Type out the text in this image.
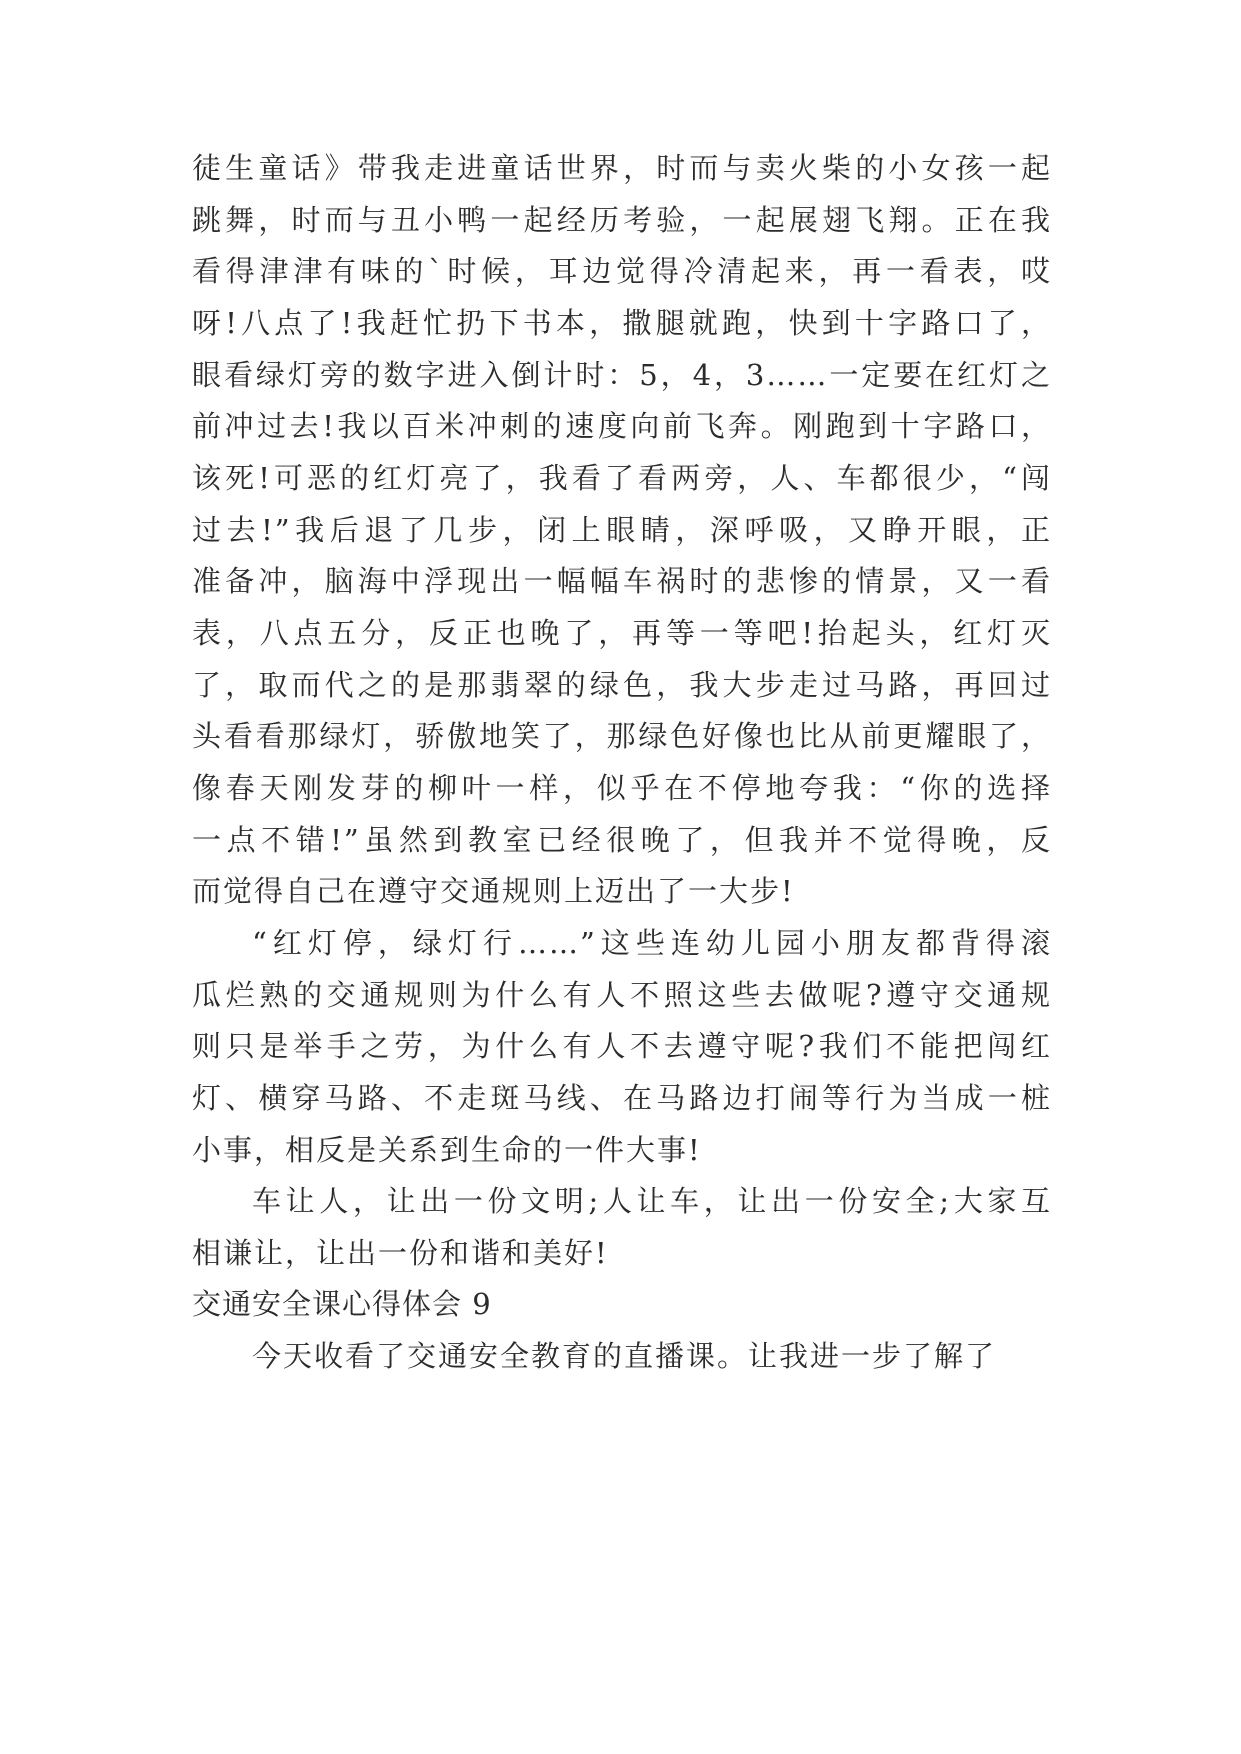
徒生童话》带我走进童话世界，时而与卖火柴的小女孩一起
跳舞，时而与丑小鸭一起经历考验，一起展翅飞翔。正在我
看得津津有味的`时候，耳边觉得冷清起来，再一看表，哎
呀!八点了!我赶忙扔下书本，撒腿就跑，快到十字路口了，
眼看绿灯旁的数字进入倒计时：5，4，3……一定要在红灯之
前冲过去!我以百米冲刺的速度向前飞奔。刚跑到十字路口，
该死!可恶的红灯亮了，我看了看两旁，人、车都很少，“闯
过去!”我后退了几步，闭上眼睛，深呼吸，又睁开眼，正
准备冲，脑海中浮现出一幅幅车祸时的悲惨的情景，又一看
表，八点五分，反正也晚了，再等一等吧!抬起头，红灯灭
了，取而代之的是那翡翠的绿色，我大步走过马路，再回过
头看看那绿灯，骄傲地笑了，那绿色好像也比从前更耀眼了，
像春天刚发芽的柳叶一样，似乎在不停地夸我：“你的选择
一点不错!”虽然到教室已经很晚了，但我并不觉得晚，反
而觉得自己在遵守交通规则上迈出了一大步!
“红灯停，绿灯行……”这些连幼儿园小朋友都背得滚
瓜烂熟的交通规则为什么有人不照这些去做呢?遵守交通规
则只是举手之劳，为什么有人不去遵守呢?我们不能把闯红
灯、横穿马路、不走斑马线、在马路边打闹等行为当成一桩
小事，相反是关系到生命的一件大事!
车让人，让出一份文明;人让车，让出一份安全;大家互
相谦让，让出一份和谐和美好!
交通安全课心得体会 9
今天收看了交通安全教育的直播课。让我进一步了解了
